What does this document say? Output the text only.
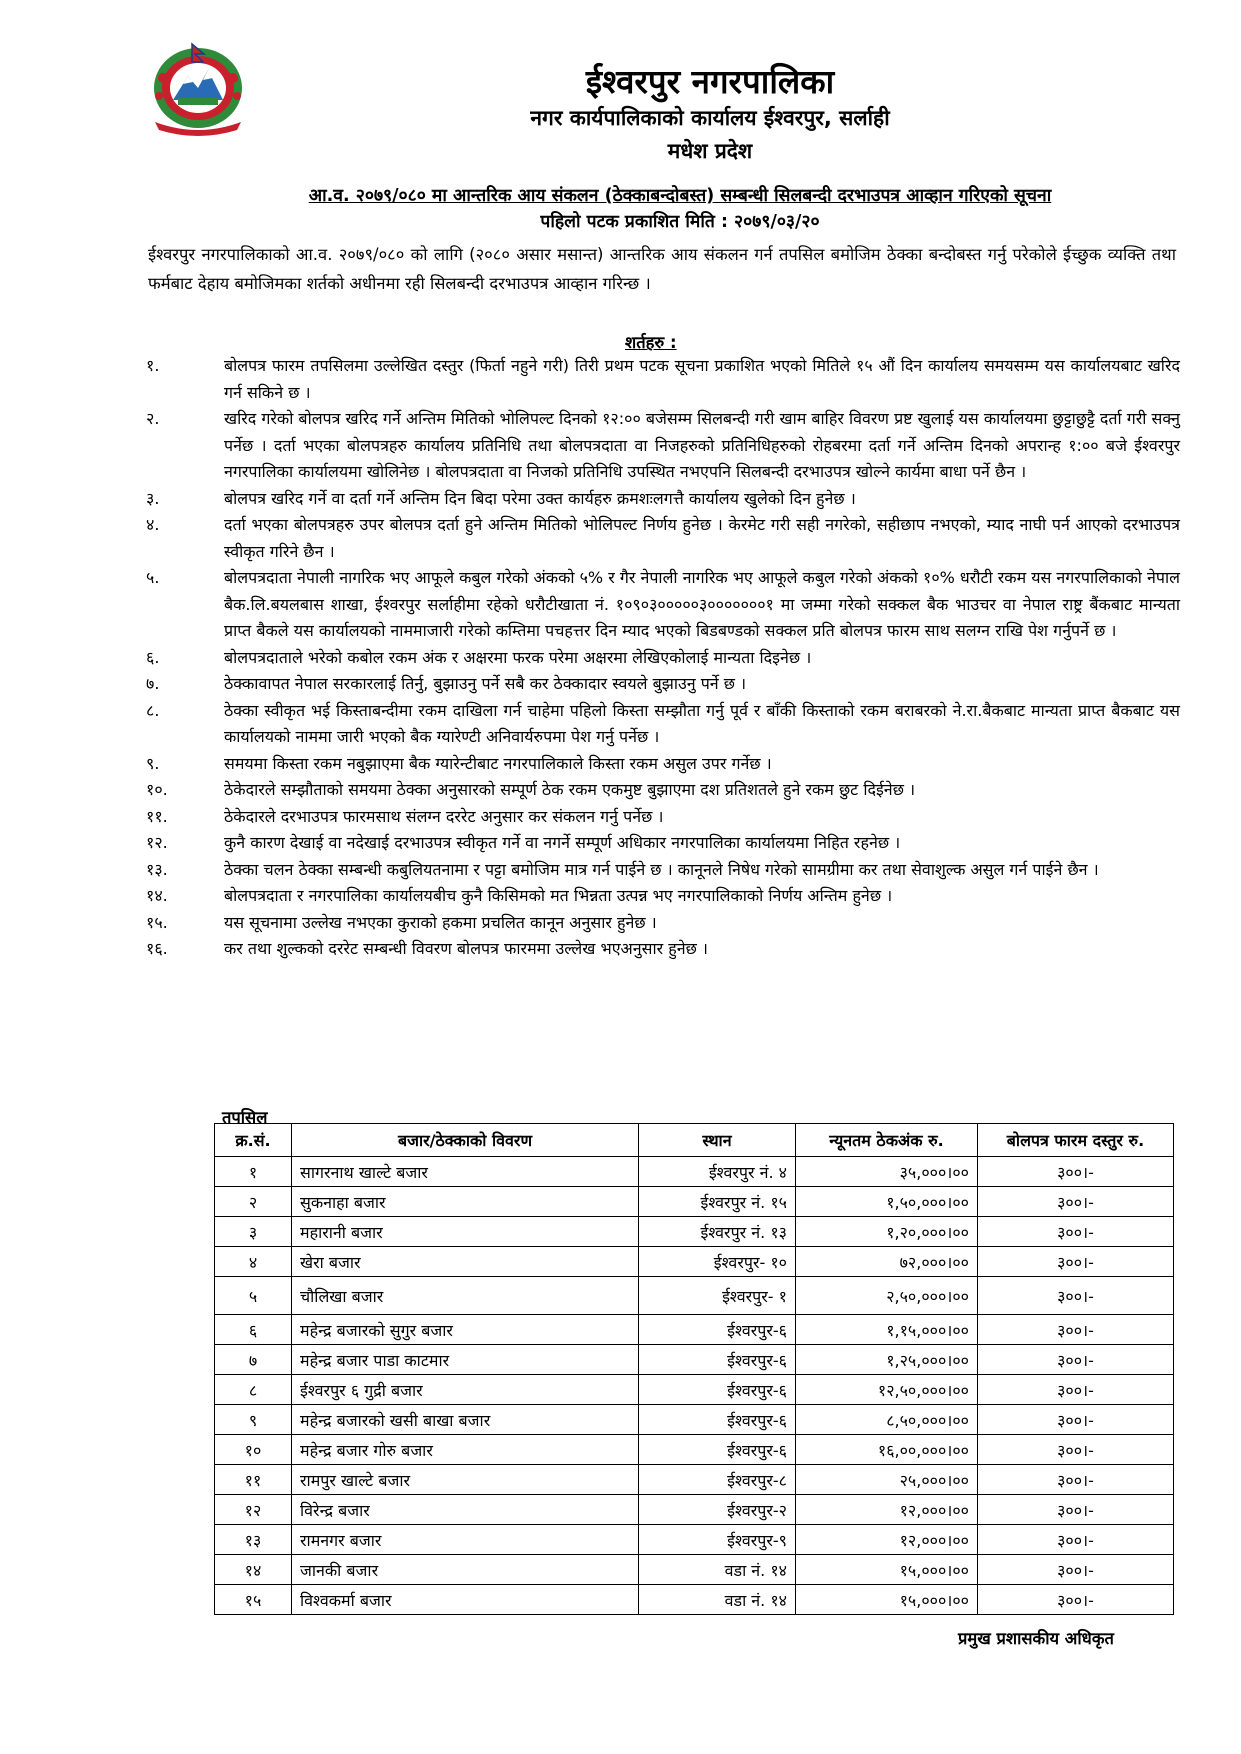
ईश्वरपुर नगरपालिका
नगर कार्यपालिकाको कार्यालय ईश्वरपुर, सर्लाही
मधेश प्रदेश
आ.व. २०७९/०८० मा आन्तरिक आय संकलन (ठेक्काबन्दोबस्त) सम्बन्धी सिलबन्दी दरभाउपत्र आव्हान गरिएको सूचना
पहिलो पटक प्रकाशित मिति : २०७९/०३/२०
ईश्वरपुर नगरपालिकाको आ.व. २०७९/०८० को लागि (२०८० असार मसान्त) आन्तरिक आय संकलन गर्न तपसिल बमोजिम ठेक्का बन्दोबस्त गर्नु परेकोले ईच्छुक व्यक्ति तथा फर्मबाट देहाय बमोजिमका शर्तको अधीनमा रही सिलबन्दी दरभाउपत्र आव्हान गरिन्छ ।
शर्तहरु :
१.	बोलपत्र फारम तपसिलमा उल्लेखित दस्तुर (फिर्ता नहुने गरी) तिरी प्रथम पटक सूचना प्रकाशित भएको मितिले १५ औं दिन कार्यालय समयसम्म यस कार्यालयबाट खरिद गर्न सकिने छ ।
२.	खरिद गरेको बोलपत्र खरिद गर्ने अन्तिम मितिको भोलिपल्ट दिनको १२:०० बजेसम्म सिलबन्दी गरी खाम बाहिर विवरण प्रष्ट खुलाई यस कार्यालयमा छुट्टाछुट्टै दर्ता गरी सक्नु पर्नेछ । दर्ता भएका बोलपत्रहरु कार्यालय प्रतिनिधि तथा बोलपत्रदाता वा निजहरुको प्रतिनिधिहरुको रोहबरमा दर्ता गर्ने अन्तिम दिनको अपरान्ह १:०० बजे ईश्वरपुर नगरपालिका कार्यालयमा खोलिनेछ । बोलपत्रदाता वा निजको प्रतिनिधि उपस्थित नभएपनि सिलबन्दी दरभाउपत्र खोल्ने कार्यमा बाधा पर्ने छैन ।
३.	बोलपत्र खरिद गर्ने वा दर्ता गर्ने अन्तिम दिन बिदा परेमा उक्त कार्यहरु क्रमशःलगत्तै कार्यालय खुलेको दिन हुनेछ ।
४.	दर्ता भएका बोलपत्रहरु उपर बोलपत्र दर्ता हुने अन्तिम मितिको भोलिपल्ट निर्णय हुनेछ । केरमेट गरी सही नगरेको, सहीछाप नभएको, म्याद नाघी पर्न आएको दरभाउपत्र स्वीकृत गरिने छैन ।
५.	बोलपत्रदाता नेपाली नागरिक भए आफूले कबुल गरेको अंकको ५% र गैर नेपाली नागरिक भए आफूले कबुल गरेको अंकको १०% धरौटी रकम यस नगरपालिकाको नेपाल बैक.लि.बयलबास शाखा, ईश्वरपुर सर्लाहीमा रहेको धरौटीखाता नं. १०९०३०००००३०००००००१ मा जम्मा गरेको सक्कल बैक भाउचर वा नेपाल राष्ट्र बैंकबाट मान्यता प्राप्त बैकले यस कार्यालयको नाममाजारी गरेको कम्तिमा पचहत्तर दिन म्याद भएको बिडबण्डको सक्कल प्रति बोलपत्र फारम साथ सलग्न राखि पेश गर्नुपर्ने छ ।
६.	बोलपत्रदाताले भरेको कबोल रकम अंक र अक्षरमा फरक परेमा अक्षरमा लेखिएकोलाई मान्यता दिइनेछ ।
७.	ठेक्कावापत नेपाल सरकारलाई तिर्नु, बुझाउनु पर्ने सबै कर ठेक्कादार स्वयले बुझाउनु पर्ने छ ।
८.	ठेक्का स्वीकृत भई किस्ताबन्दीमा रकम दाखिला गर्न चाहेमा पहिलो किस्ता सम्झौता गर्नु पूर्व र बाँकी किस्ताको रकम बराबरको ने.रा.बैकबाट मान्यता प्राप्त बैकबाट यस कार्यालयको नाममा जारी भएको बैक ग्यारेण्टी अनिवार्यरुपमा पेश गर्नु पर्नेछ ।
९.	समयमा किस्ता रकम नबुझाएमा बैक ग्यारेन्टीबाट नगरपालिकाले किस्ता रकम असुल उपर गर्नेछ ।
१०.	ठेकेदारले सम्झौताको समयमा ठेक्का अनुसारको सम्पूर्ण ठेक रकम एकमुष्ट बुझाएमा दश प्रतिशतले हुने रकम छुट दिईनेछ ।
११.	ठेकेदारले दरभाउपत्र फारमसाथ संलग्न दररेट अनुसार कर संकलन गर्नु पर्नेछ ।
१२.	कुनै कारण देखाई वा नदेखाई दरभाउपत्र स्वीकृत गर्ने वा नगर्ने सम्पूर्ण अधिकार नगरपालिका कार्यालयमा निहित रहनेछ ।
१३.	ठेक्का चलन ठेक्का सम्बन्धी कबुलियतनामा र पट्टा बमोजिम मात्र गर्न पाईने छ । कानूनले निषेध गरेको सामग्रीमा कर तथा सेवाशुल्क असुल गर्न पाईने छैन ।
१४.	बोलपत्रदाता र नगरपालिका कार्यालयबीच कुनै किसिमको मत भिन्नता उत्पन्न भए नगरपालिकाको निर्णय अन्तिम हुनेछ ।
१५.	यस सूचनामा उल्लेख नभएका कुराको हकमा प्रचलित कानून अनुसार हुनेछ ।
१६.	कर तथा शुल्कको दररेट सम्बन्धी विवरण बोलपत्र फारममा उल्लेख भएअनुसार हुनेछ ।
तपसिल
क्र.सं.	बजार/ठेक्काको विवरण	स्थान	न्यूनतम ठेकअंक रु.	बोलपत्र फारम दस्तुर रु.
१	सागरनाथ खाल्टे बजार	ईश्वरपुर नं. ४	३५,०००।००	३००।-
२	सुकनाहा बजार	ईश्वरपुर नं. १५	१,५०,०००।००	३००।-
३	महारानी बजार	ईश्वरपुर नं. १३	१,२०,०००।००	३००।-
४	खेरा बजार	ईश्वरपुर- १०	७२,०००।००	३००।-
५	चौलिखा बजार	ईश्वरपुर- १	२,५०,०००।००	३००।-
६	महेन्द्र बजारको सुगुर बजार	ईश्वरपुर-६	१,१५,०००।००	३००।-
७	महेन्द्र बजार पाडा काटमार	ईश्वरपुर-६	१,२५,०००।००	३००।-
८	ईश्वरपुर ६ गुद्री बजार	ईश्वरपुर-६	१२,५०,०००।००	३००।-
९	महेन्द्र बजारको खसी बाखा बजार	ईश्वरपुर-६	८,५०,०००।००	३००।-
१०	महेन्द्र बजार गोरु बजार	ईश्वरपुर-६	१६,००,०००।००	३००।-
११	रामपुर खाल्टे बजार	ईश्वरपुर-८	२५,०००।००	३००।-
१२	विरेन्द्र बजार	ईश्वरपुर-२	१२,०००।००	३००।-
१३	रामनगर बजार	ईश्वरपुर-९	१२,०००।००	३००।-
१४	जानकी बजार	वडा नं. १४	१५,०००।००	३००।-
१५	विश्वकर्मा बजार	वडा नं. १४	१५,०००।००	३००।-
प्रमुख प्रशासकीय अधिकृत
